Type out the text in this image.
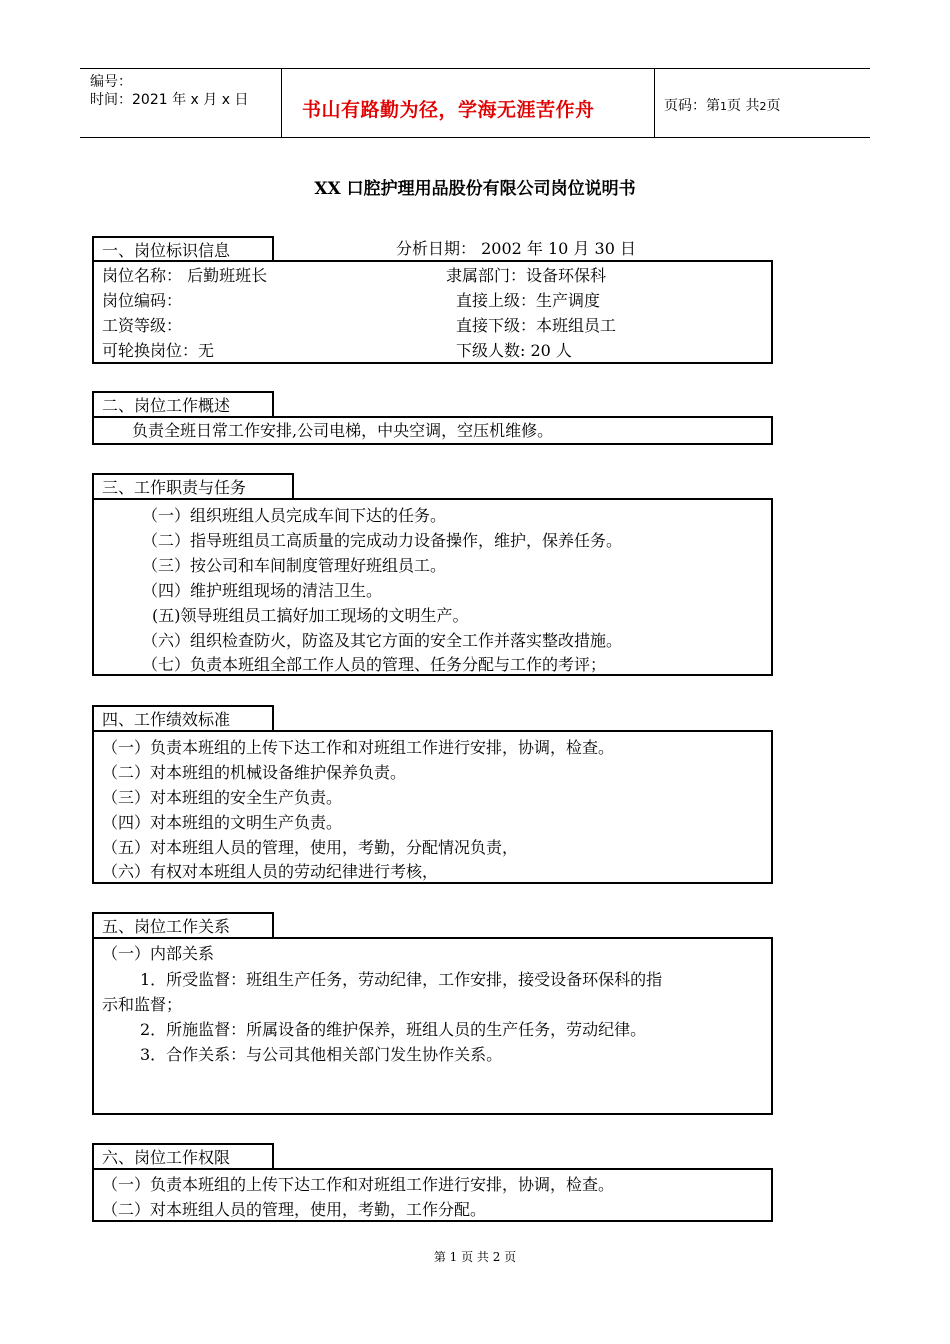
编号：
时间：2021 年 x 月 x 日	书山有路勤为径，学海无涯苦作舟	页码：第1页 共2页
XX 口腔护理用品股份有限公司岗位说明书
一、岗位标识信息	分析日期： 2002 年 10 月 30 日
岗位名称： 后勤班班长	隶属部门：设备环保科
岗位编码：	直接上级：生产调度
工资等级：	直接下级：本班组员工
可轮换岗位：无	下级人数: 20 人
二、岗位工作概述
负责全班日常工作安排,公司电梯，中央空调，空压机维修。
三、工作职责与任务
（一）组织班组人员完成车间下达的任务。
（二）指导班组员工高质量的完成动力设备操作，维护，保养任务。
（三）按公司和车间制度管理好班组员工。
（四）维护班组现场的清洁卫生。
(五)领导班组员工搞好加工现场的文明生产。
（六）组织检查防火，防盗及其它方面的安全工作并落实整改措施。
（七）负责本班组全部工作人员的管理、任务分配与工作的考评；
四、工作绩效标准
（一）负责本班组的上传下达工作和对班组工作进行安排，协调，检查。
（二）对本班组的机械设备维护保养负责。
（三）对本班组的安全生产负责。
（四）对本班组的文明生产负责。
（五）对本班组人员的管理，使用，考勤，分配情况负责，
（六）有权对本班组人员的劳动纪律进行考核，
五、岗位工作关系
（一）内部关系
1．所受监督：班组生产任务，劳动纪律，工作安排，接受设备环保科的指
示和监督；
2．所施监督：所属设备的维护保养，班组人员的生产任务，劳动纪律。
3．合作关系：与公司其他相关部门发生协作关系。
六、岗位工作权限
（一）负责本班组的上传下达工作和对班组工作进行安排，协调，检查。
（二）对本班组人员的管理，使用，考勤，工作分配。
第 1 页 共 2 页
